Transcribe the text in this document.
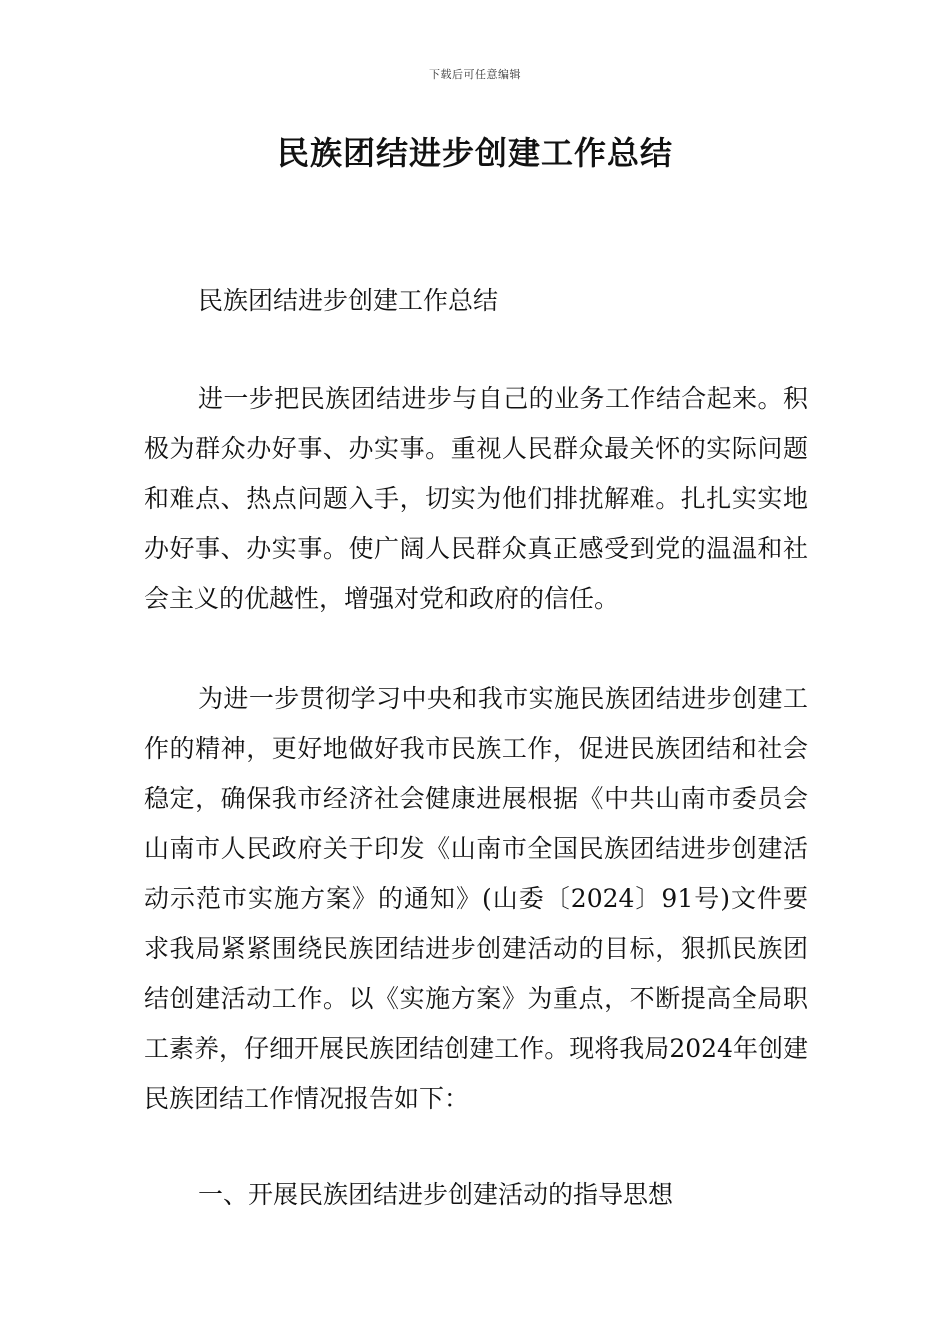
下载后可任意编辑
民族团结进步创建工作总结

民族团结进步创建工作总结

进一步把民族团结进步与自己的业务工作结合起来。积极为群众办好事、办实事。重视人民群众最关怀的实际问题和难点、热点问题入手，切实为他们排扰解难。扎扎实实地办好事、办实事。使广阔人民群众真正感受到党的温温和社会主义的优越性，增强对党和政府的信任。

为进一步贯彻学习中央和我市实施民族团结进步创建工作的精神，更好地做好我市民族工作，促进民族团结和社会稳定，确保我市经济社会健康进展根据《中共山南市委员会山南市人民政府关于印发《山南市全国民族团结进步创建活动示范市实施方案》的通知》(山委〔2024〕91号)文件要求我局紧紧围绕民族团结进步创建活动的目标，狠抓民族团结创建活动工作。以《实施方案》为重点，不断提高全局职工素养，仔细开展民族团结创建工作。现将我局2024年创建民族团结工作情况报告如下：

一、开展民族团结进步创建活动的指导思想
